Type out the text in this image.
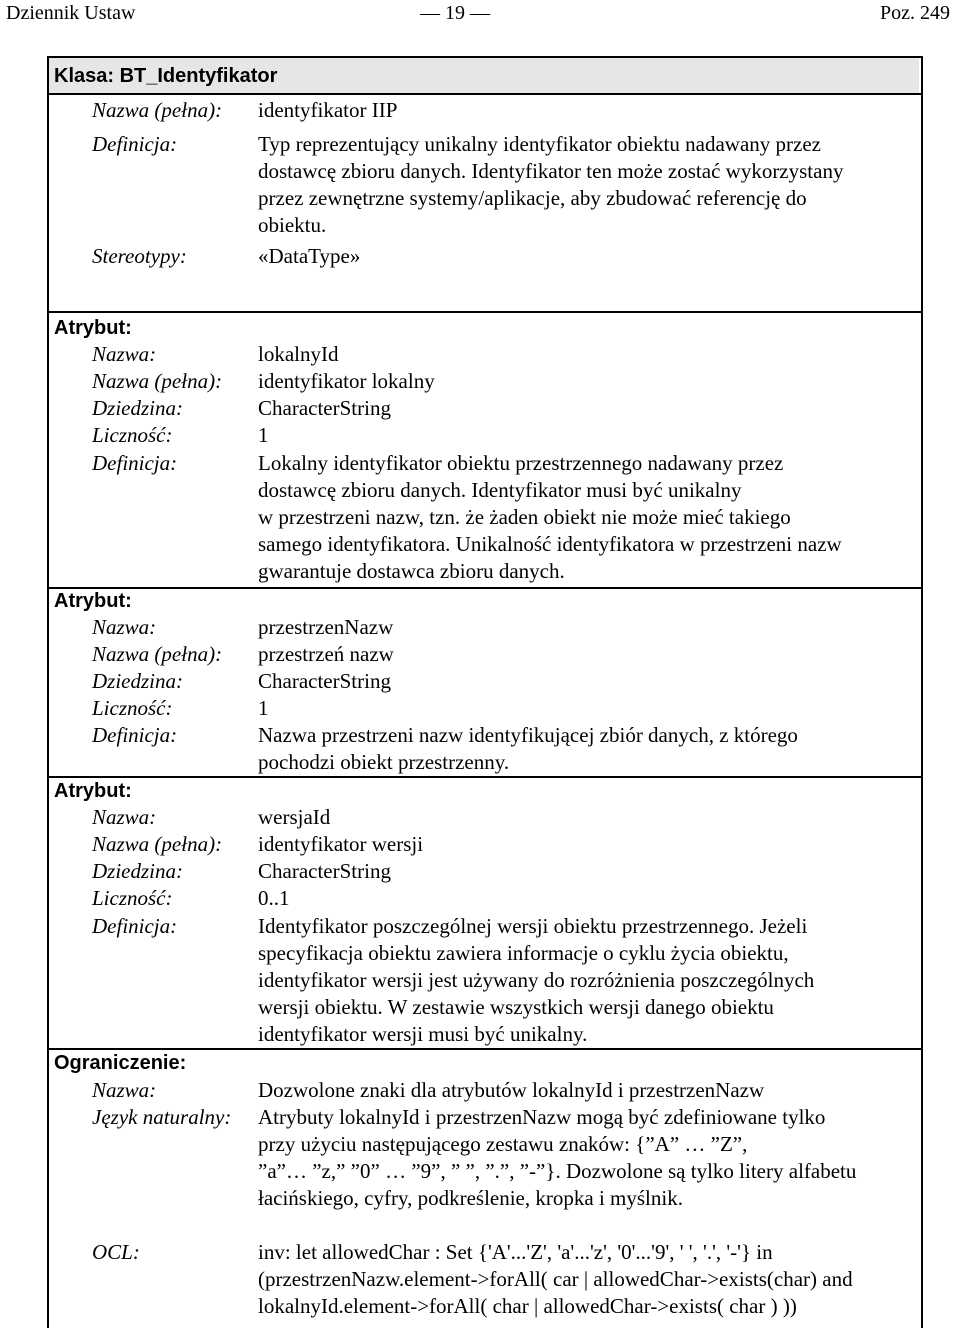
Dziennik Ustaw	— 19 —	Poz. 249
Klasa: BT_Identyfikator
Nazwa (pełna): identyfikator IIP
Definicja:	Typ reprezentujący unikalny identyfikator obiektu nadawany przez
dostawcę zbioru danych. Identyfikator ten może zostać wykorzystany
przez zewnętrzne systemy/aplikacje, aby zbudować referencję do
obiektu.
Stereotypy:	«DataType»
Atrybut:
Nazwa:	lokalnyId
Nazwa (pełna): identyfikator lokalny
Dziedzina:	CharacterString
Liczność:	1
Definicja:	Lokalny identyfikator obiektu przestrzennego nadawany przez
dostawcę zbioru danych. Identyfikator musi być unikalny
w przestrzeni nazw, tzn. że żaden obiekt nie może mieć takiego
samego identyfikatora. Unikalność identyfikatora w przestrzeni nazw
gwarantuje dostawca zbioru danych.
Atrybut:
Nazwa:	przestrzenNazw
Nazwa (pełna): przestrzeń nazw
Dziedzina:	CharacterString
Liczność:	1
Definicja:	Nazwa przestrzeni nazw identyfikującej zbiór danych, z którego
pochodzi obiekt przestrzenny.
Atrybut:
Nazwa:	wersjaId
Nazwa (pełna): identyfikator wersji
Dziedzina:	CharacterString
Liczność:	0..1
Definicja:	Identyfikator poszczególnej wersji obiektu przestrzennego. Jeżeli
specyfikacja obiektu zawiera informacje o cyklu życia obiektu,
identyfikator wersji jest używany do rozróżnienia poszczególnych
wersji obiektu. W zestawie wszystkich wersji danego obiektu
identyfikator wersji musi być unikalny.
Ograniczenie:
Nazwa:	Dozwolone znaki dla atrybutów lokalnyId i przestrzenNazw
Język naturalny: Atrybuty lokalnyId i przestrzenNazw mogą być zdefiniowane tylko
przy użyciu następującego zestawu znaków: {”A” … ”Z”,
”a”… ”z,” ”0” … ”9”, ” ”, ”.”, ”-”}. Dozwolone są tylko litery alfabetu
łacińskiego, cyfry, podkreślenie, kropka i myślnik.
OCL:	inv: let allowedChar : Set {'A'...'Z', 'a'...'z', '0'...'9', ' ', '.', '-'} in
(przestrzenNazw.element->forAll( car | allowedChar->exists(char) and
lokalnyId.element->forAll( char | allowedChar->exists( char ) ))
